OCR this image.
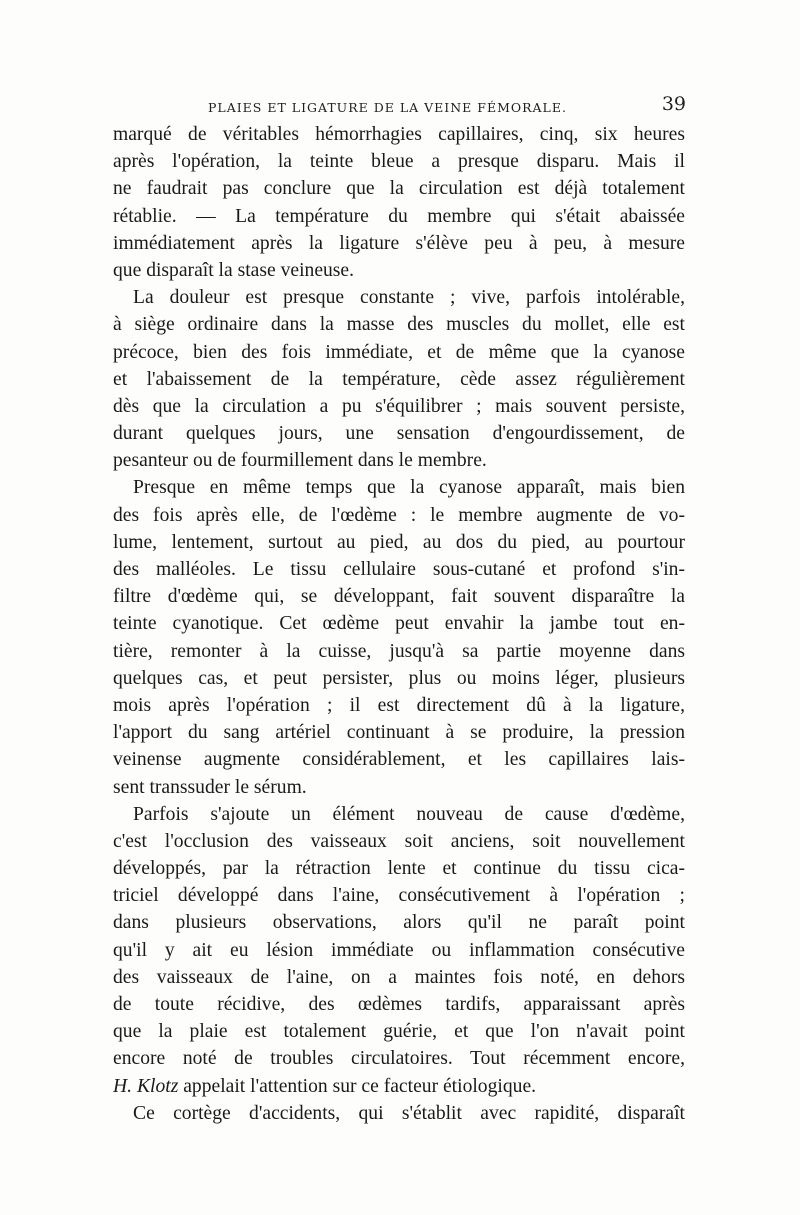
PLAIES ET LIGATURE DE LA VEINE FÉMORALE.	39
marqué de véritables hémorrhagies capillaires, cinq, six heures
après l'opération, la teinte bleue a presque disparu. Mais il
ne faudrait pas conclure que la circulation est déjà totalement
rétablie. — La température du membre qui s'était abaissée
immédiatement après la ligature s'élève peu à peu, à mesure
que disparaît la stase veineuse.
La douleur est presque constante ; vive, parfois intolérable,
à siège ordinaire dans la masse des muscles du mollet, elle est
précoce, bien des fois immédiate, et de même que la cyanose
et l'abaissement de la température, cède assez régulièrement
dès que la circulation a pu s'équilibrer ; mais souvent persiste,
durant quelques jours, une sensation d'engourdissement, de
pesanteur ou de fourmillement dans le membre.
Presque en même temps que la cyanose apparaît, mais bien
des fois après elle, de l'œdème : le membre augmente de vo-
lume, lentement, surtout au pied, au dos du pied, au pourtour
des malléoles. Le tissu cellulaire sous-cutané et profond s'in-
filtre d'œdème qui, se développant, fait souvent disparaître la
teinte cyanotique. Cet œdème peut envahir la jambe tout en-
tière, remonter à la cuisse, jusqu'à sa partie moyenne dans
quelques cas, et peut persister, plus ou moins léger, plusieurs
mois après l'opération ; il est directement dû à la ligature,
l'apport du sang artériel continuant à se produire, la pression
veinense augmente considérablement, et les capillaires lais-
sent transsuder le sérum.
Parfois s'ajoute un élément nouveau de cause d'œdème,
c'est l'occlusion des vaisseaux soit anciens, soit nouvellement
développés, par la rétraction lente et continue du tissu cica-
triciel développé dans l'aine, consécutivement à l'opération ;
dans plusieurs observations, alors qu'il ne paraît point
qu'il y ait eu lésion immédiate ou inflammation consécutive
des vaisseaux de l'aine, on a maintes fois noté, en dehors
de toute récidive, des œdèmes tardifs, apparaissant après
que la plaie est totalement guérie, et que l'on n'avait point
encore noté de troubles circulatoires. Tout récemment encore,
H. Klotz appelait l'attention sur ce facteur étiologique.
Ce cortège d'accidents, qui s'établit avec rapidité, disparaît
